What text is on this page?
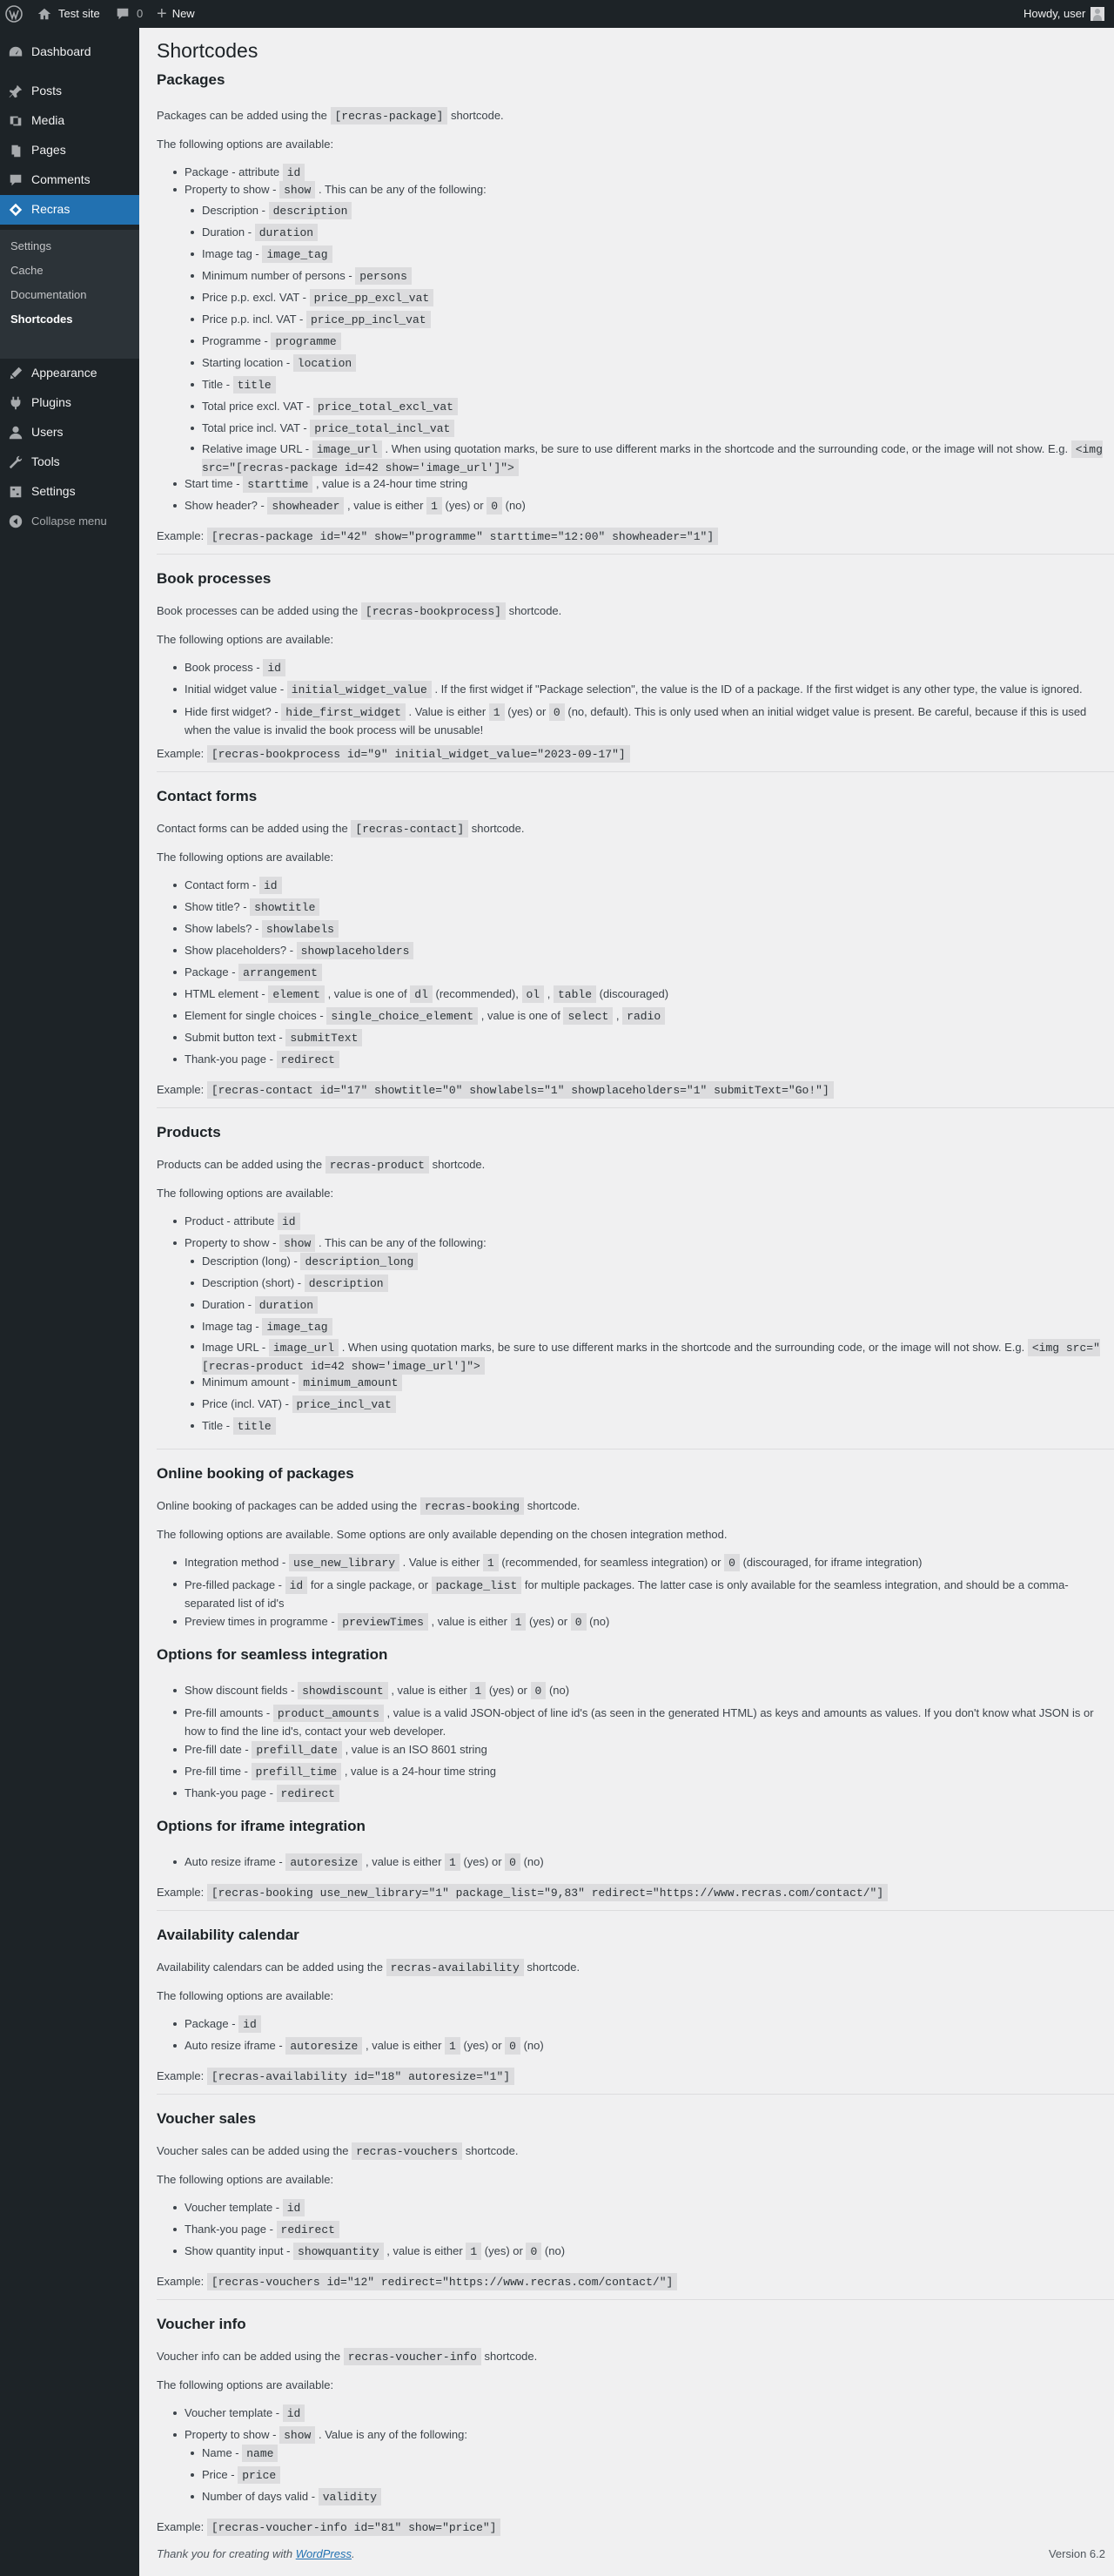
Test site	0 + New	Howdy, user
Dashboard
Posts
Media
Pages
Comments
Recras
Settings
Cache
Documentation
Shortcodes
Appearance
Plugins
Users
Tools
Settings
Collapse menu
Shortcodes
Packages

Packages can be added using the [recras-package] shortcode.

The following options are available:

Package - attribute id
Property to show - show . This can be any of the following:
Description - description
Duration - duration
Image tag - image_tag
Minimum number of persons - persons
Price p.p. excl. VAT - price_pp_excl_vat
Price p.p. incl. VAT - price_pp_incl_vat
Programme - programme
Starting location - location
Title - title
Total price excl. VAT - price_total_excl_vat
Total price incl. VAT - price_total_incl_vat
Relative image URL - image_url . When using quotation marks, be sure to use different marks in the shortcode and the surrounding code, or the image will not show. E.g. <img src="[recras-package id=42 show='image_url']">
Start time - starttime , value is a 24-hour time string
Show header? - showheader , value is either 1 (yes) or 0 (no)

Example: [recras-package id="42" show="programme" starttime="12:00" showheader="1"]

Book processes

Book processes can be added using the [recras-bookprocess] shortcode.

The following options are available:

Book process - id
Initial widget value - initial_widget_value . If the first widget if "Package selection", the value is the ID of a package. If the first widget is any other type, the value is ignored.
Hide first widget? - hide_first_widget . Value is either 1 (yes) or 0 (no, default). This is only used when an initial widget value is present. Be careful, because if this is used when the value is invalid the book process will be unusable!

Example: [recras-bookprocess id="9" initial_widget_value="2023-09-17"]

Contact forms

Contact forms can be added using the [recras-contact] shortcode.

The following options are available:

Contact form - id
Show title? - showtitle
Show labels? - showlabels
Show placeholders? - showplaceholders
Package - arrangement
HTML element - element , value is one of dl (recommended), ol , table (discouraged)
Element for single choices - single_choice_element , value is one of select , radio
Submit button text - submitText
Thank-you page - redirect

Example: [recras-contact id="17" showtitle="0" showlabels="1" showplaceholders="1" submitText="Go!"]

Products

Products can be added using the recras-product shortcode.

The following options are available:

Product - attribute id
Property to show - show . This can be any of the following:
Description (long) - description_long
Description (short) - description
Duration - duration
Image tag - image_tag
Image URL - image_url . When using quotation marks, be sure to use different marks in the shortcode and the surrounding code, or the image will not show. E.g. <img src="[recras-product id=42 show='image_url']">
Minimum amount - minimum_amount
Price (incl. VAT) - price_incl_vat
Title - title
Online booking of packages

Online booking of packages can be added using the recras-booking shortcode.

The following options are available. Some options are only available depending on the chosen integration method.

Integration method - use_new_library . Value is either 1 (recommended, for seamless integration) or 0 (discouraged, for iframe integration)
Pre-filled package - id for a single package, or package_list for multiple packages. The latter case is only available for the seamless integration, and should be a comma-separated list of id's
Preview times in programme - previewTimes , value is either 1 (yes) or 0 (no)
Options for seamless integration
Show discount fields - showdiscount , value is either 1 (yes) or 0 (no)
Pre-fill amounts - product_amounts , value is a valid JSON-object of line id's (as seen in the generated HTML) as keys and amounts as values. If you don't know what JSON is or how to find the line id's, contact your web developer.
Pre-fill date - prefill_date , value is an ISO 8601 string
Pre-fill time - prefill_time , value is a 24-hour time string
Thank-you page - redirect
Options for iframe integration
Auto resize iframe - autoresize , value is either 1 (yes) or 0 (no)

Example: [recras-booking use_new_library="1" package_list="9,83" redirect="https://www.recras.com/contact/"]

Availability calendar

Availability calendars can be added using the recras-availability shortcode.

The following options are available:

Package - id
Auto resize iframe - autoresize , value is either 1 (yes) or 0 (no)

Example: [recras-availability id="18" autoresize="1"]

Voucher sales

Voucher sales can be added using the recras-vouchers shortcode.

The following options are available:

Voucher template - id
Thank-you page - redirect
Show quantity input - showquantity , value is either 1 (yes) or 0 (no)

Example: [recras-vouchers id="12" redirect="https://www.recras.com/contact/"]

Voucher info

Voucher info can be added using the recras-voucher-info shortcode.

The following options are available:

Voucher template - id
Property to show - show . Value is any of the following:
Name - name
Price - price
Number of days valid - validity

Example: [recras-voucher-info id="81" show="price"]

Thank you for creating with WordPress.	Version 6.2
